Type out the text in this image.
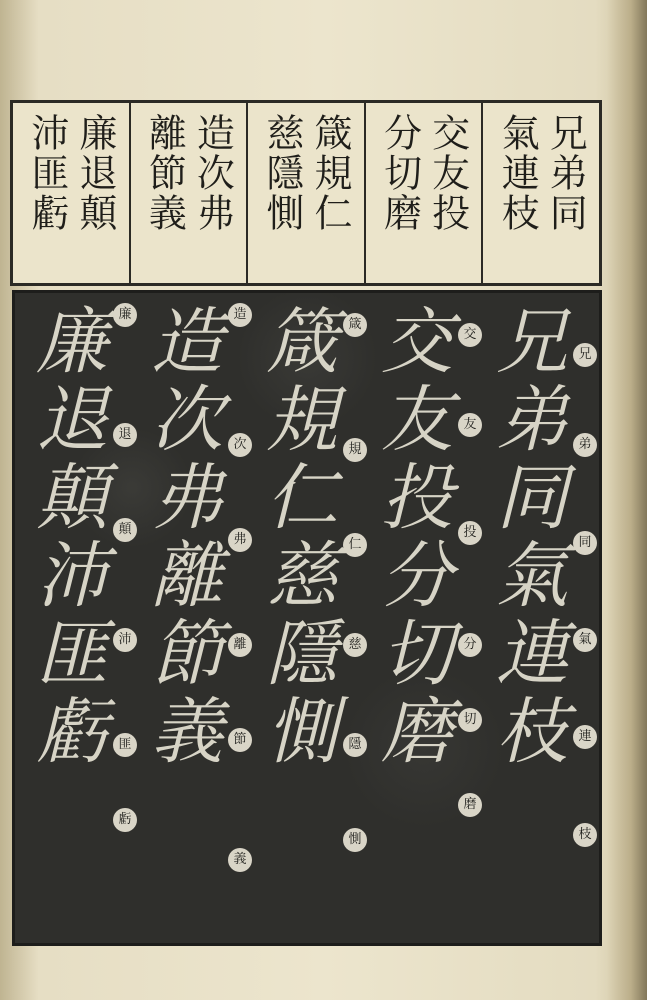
兄弟同
氣連枝
交友投
分切磨
箴規仁
慈隱惻
造次弗
離節義
廉退顛
沛匪虧
兄弟同氣連枝 兄
弟
同
氣
連
枝
交友投分切磨 交
友
投
分
切
磨
箴規仁慈隱惻 箴
規
仁
慈
隱
惻
造次弗離節義 造
次
弗
離
節
義
廉退顛沛匪虧 廉
退
顛
沛
匪
虧
